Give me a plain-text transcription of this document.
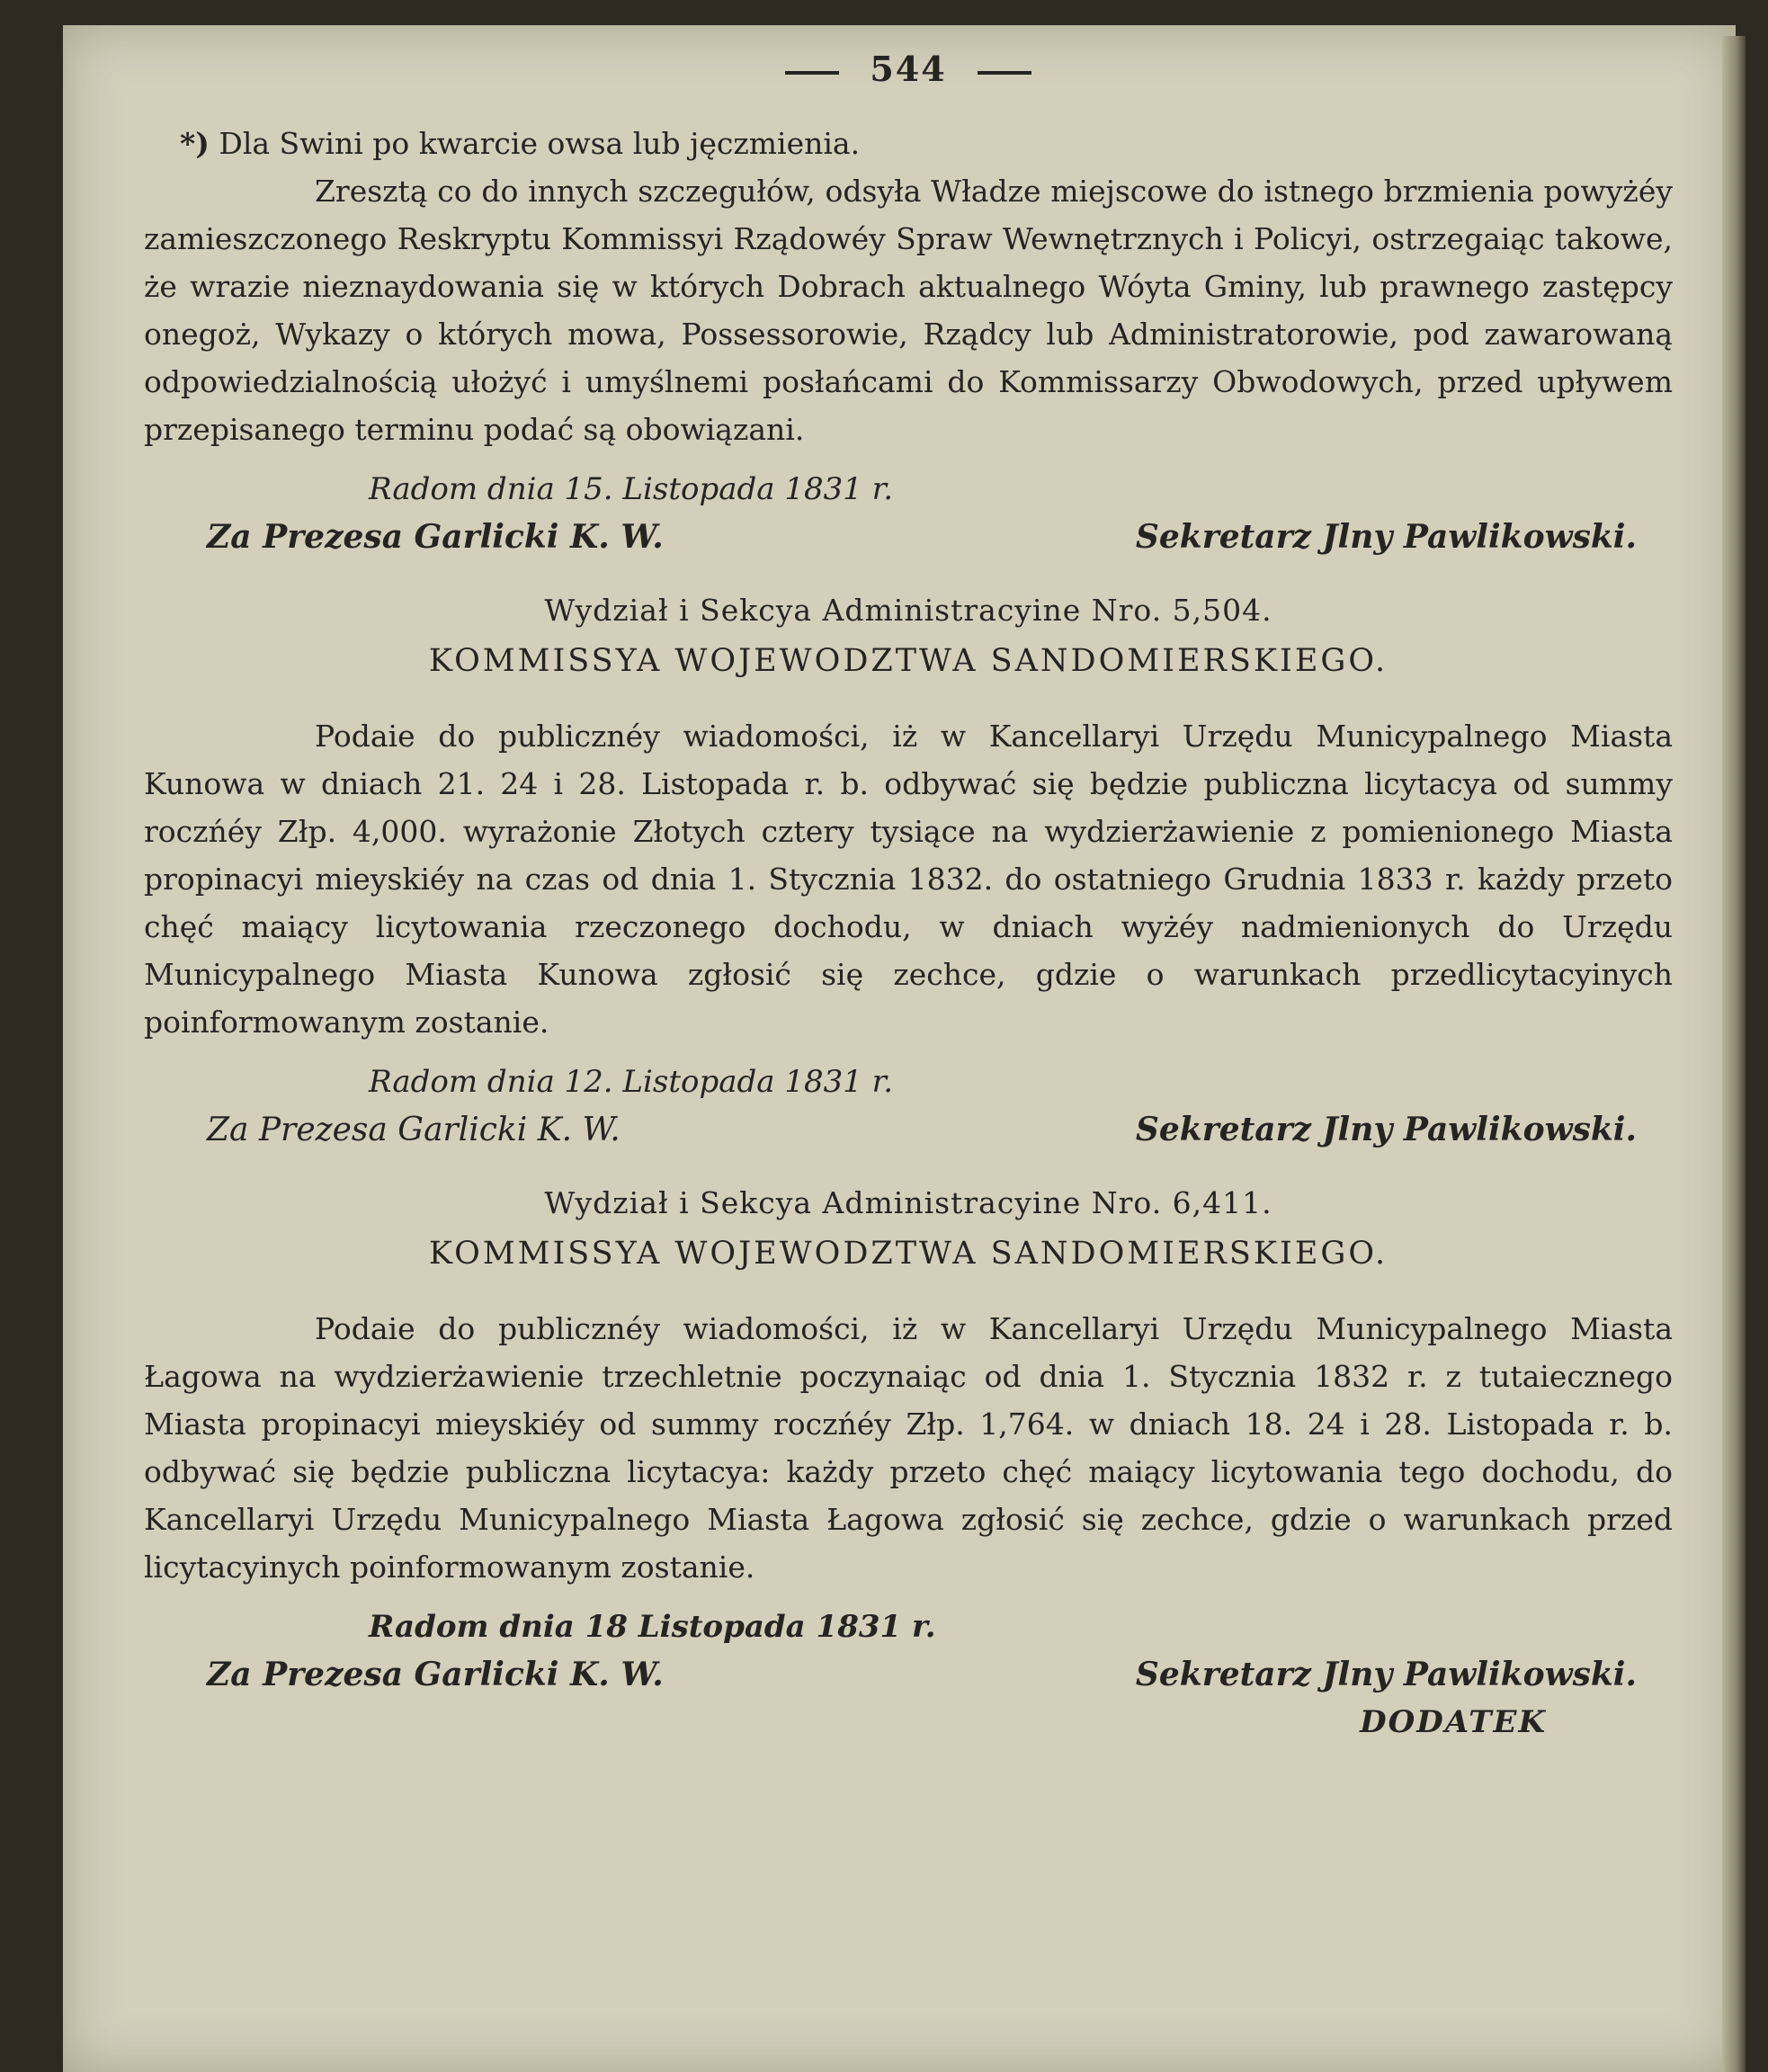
544

*) Dla Swini po kwarcie owsa lub jęczmienia.

Zresztą co do innych szczegułów, odsyła Władze miejscowe do istnego brzmienia powyżéy zamieszczonego Reskryptu Kommissyi Rządowéy Spraw Wewnętrznych i Policyi, ostrzegaiąc takowe, że wrazie nieznaydowania się w których Dobrach aktualnego Wóyta Gminy, lub prawnego zastępcy onegoż, Wykazy o których mowa, Possessorowie, Rządcy lub Administratorowie, pod zawarowaną odpowiedzialnością ułożyć i umyślnemi posłańcami do Kommissarzy Obwodowych, przed upływem przepisanego terminu podać są obowiązani.

Radom dnia 15. Listopada 1831 r.
Za Prezesa Garlicki K. W.	Sekretarz Jlny Pawlikowski.
Wydział i Sekcya Administracyine Nro. 5,504.
KOMMISSYA WOJEWODZTWA SANDOMIERSKIEGO.

Podaie do publicznéy wiadomości, iż w Kancellaryi Urzędu Municypalnego Miasta Kunowa w dniach 21. 24 i 28. Listopada r. b. odbywać się będzie publiczna licytacya od summy roczńéy Złp. 4,000. wyrażonie Złotych cztery tysiące na wydzierżawienie z pomienionego Miasta propinacyi mieyskiéy na czas od dnia 1. Stycznia 1832. do ostatniego Grudnia 1833 r. każdy przeto chęć maiący licytowania rzeczonego dochodu, w dniach wyżéy nadmienionych do Urzędu Municypalnego Miasta Kunowa zgłosić się zechce, gdzie o warunkach przedlicytacyinych poinformowanym zostanie.

Radom dnia 12. Listopada 1831 r.
Za Prezesa Garlicki K. W.	Sekretarz Jlny Pawlikowski.
Wydział i Sekcya Administracyine Nro. 6,411.
KOMMISSYA WOJEWODZTWA SANDOMIERSKIEGO.

Podaie do publicznéy wiadomości, iż w Kancellaryi Urzędu Municypalnego Miasta Łagowa na wydzierżawienie trzechletnie poczynaiąc od dnia 1. Stycznia 1832 r. z tutaiecznego Miasta propinacyi mieyskiéy od summy roczńéy Złp. 1,764. w dniach 18. 24 i 28. Listopada r. b. odbywać się będzie publiczna licytacya: każdy przeto chęć maiący licytowania tego dochodu, do Kancellaryi Urzędu Municypalnego Miasta Łagowa zgłosić się zechce, gdzie o warunkach przed licytacyinych poinformowanym zostanie.

Radom dnia 18 Listopada 1831 r.
Za Prezesa Garlicki K. W.	Sekretarz Jlny Pawlikowski.
DODATEK
